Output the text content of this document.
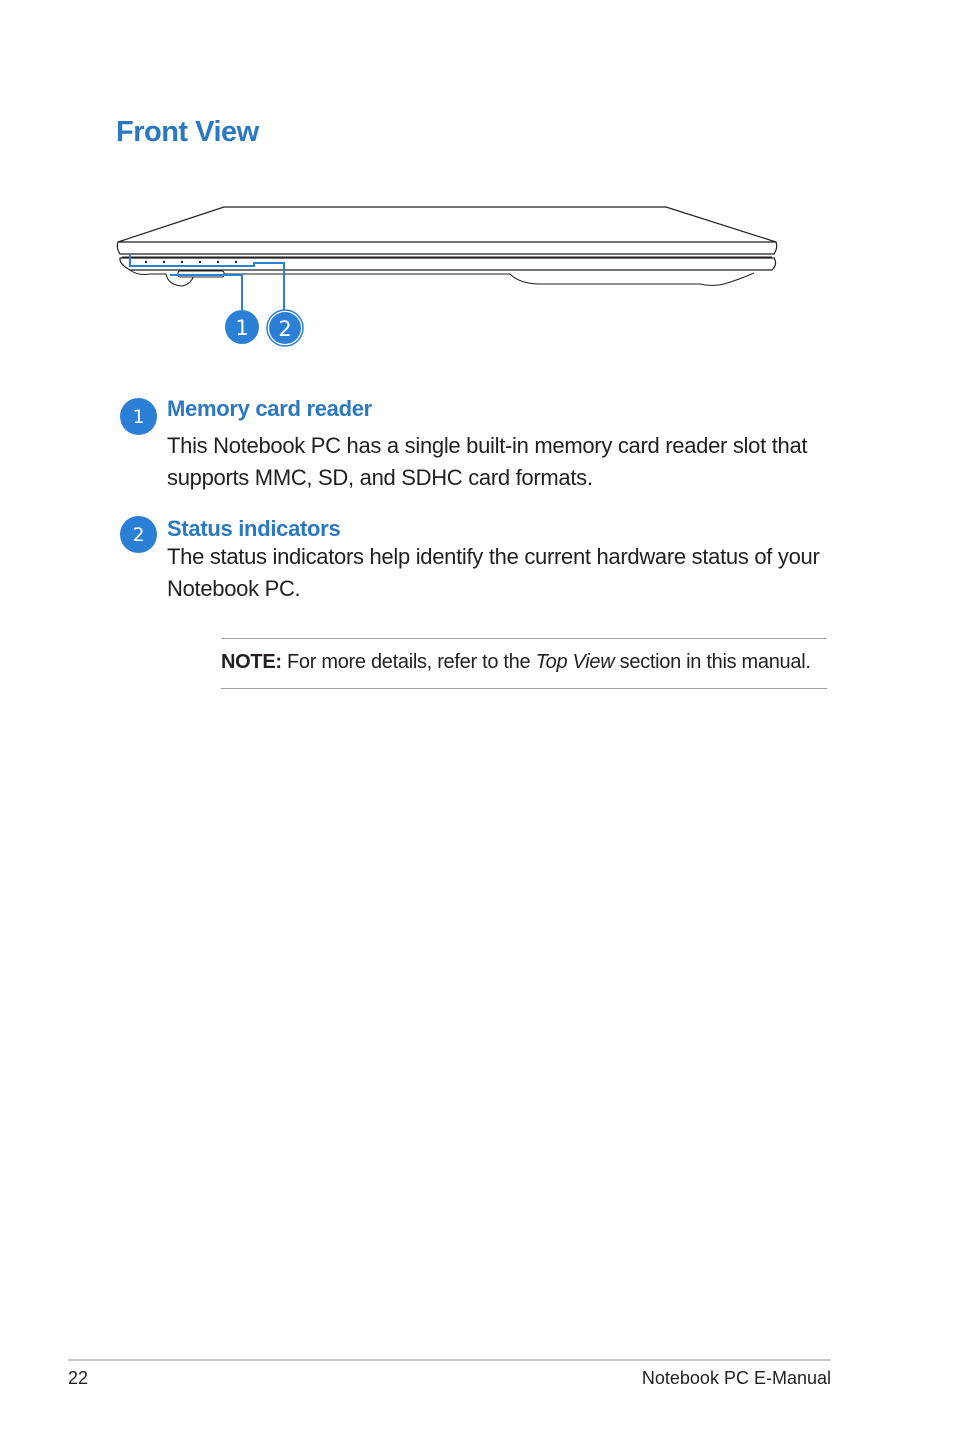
Front View
1 2
1	Memory card reader

This Notebook PC has a single built-in memory card reader slot that supports MMC, SD, and SDHC card formats.

2	Status indicators

The status indicators help identify the current hardware status of your Notebook PC.

NOTE: For more details, refer to the Top View section in this manual.
22	Notebook PC E-Manual
